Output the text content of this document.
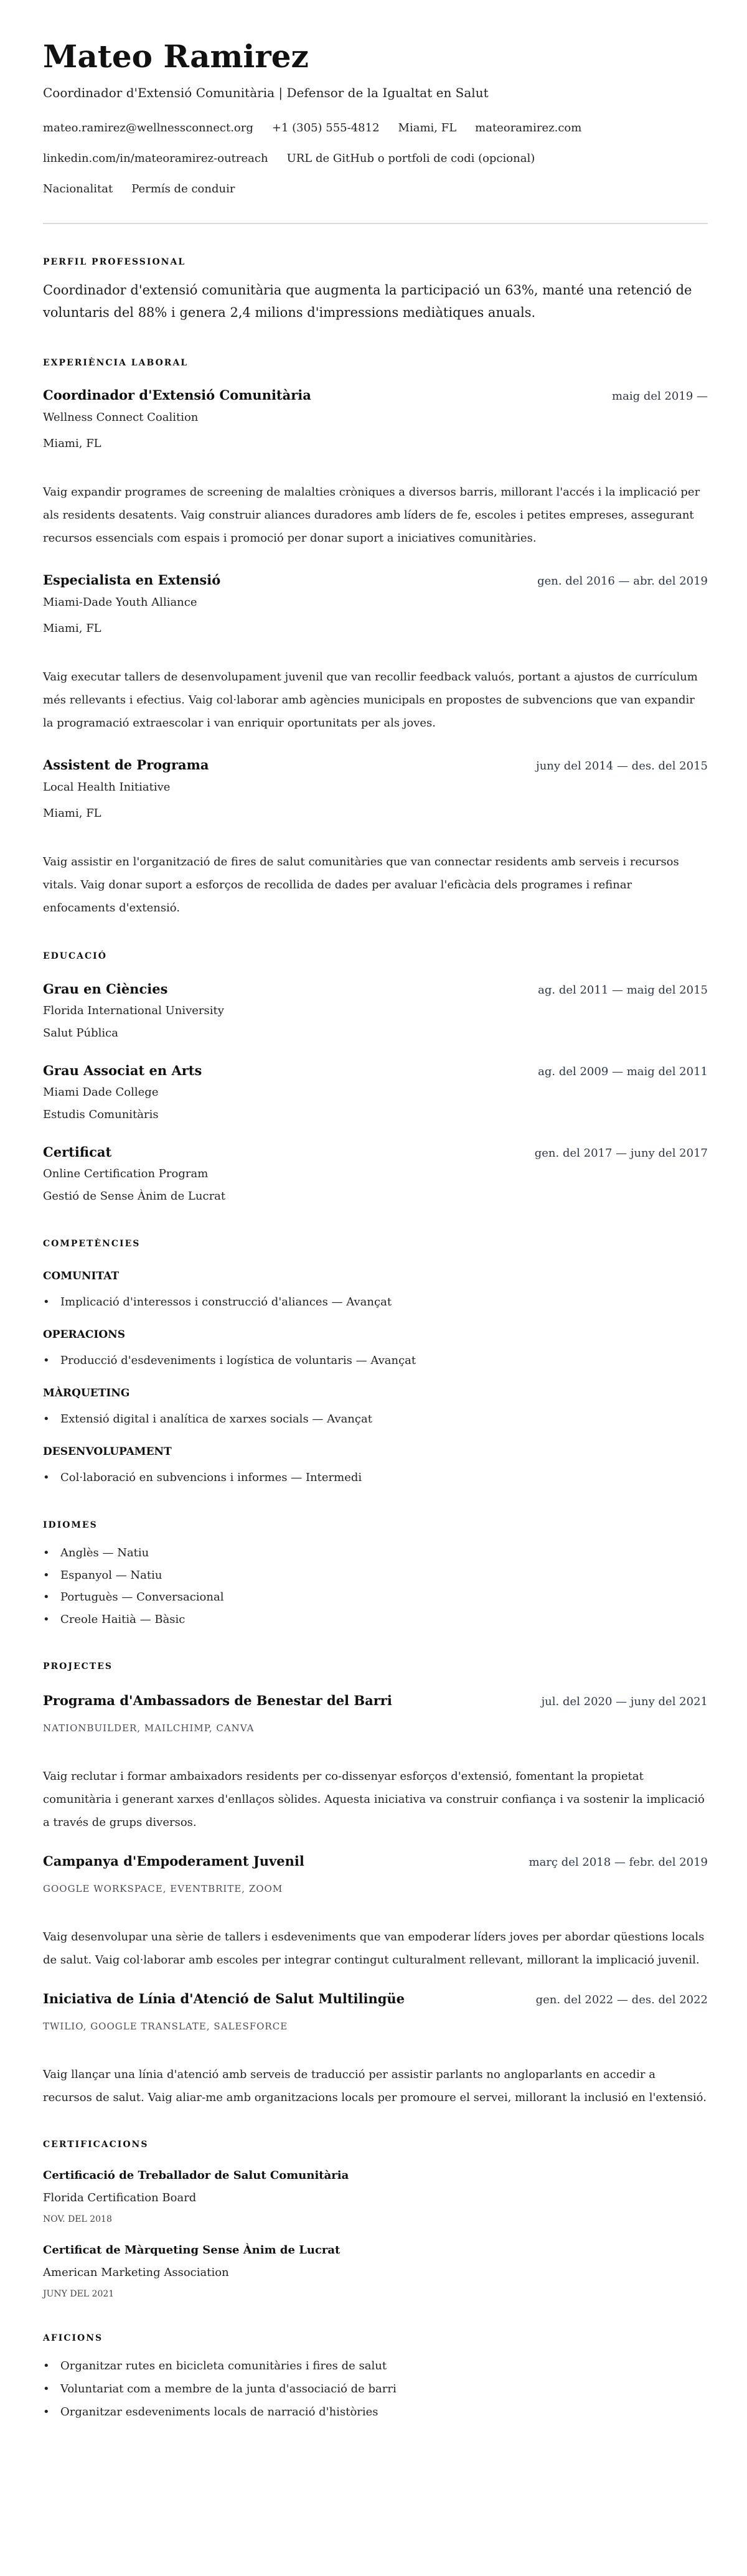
Mateo Ramirez
Coordinador d'Extensió Comunitària | Defensor de la Igualtat en Salut
mateo.ramirez@wellnessconnect.org +1 (305) 555-4812 Miami, FL mateoramirez.com
linkedin.com/in/mateoramirez-outreach URL de GitHub o portfoli de codi (opcional)
Nacionalitat Permís de conduir
PERFIL PROFESSIONAL
Coordinador d'extensió comunitària que augmenta la participació un 63%, manté una retenció de voluntaris del 88% i genera 2,4 milions d'impressions mediàtiques anuals.
EXPERIÈNCIA LABORAL
Coordinador d'Extensió Comunitària	maig del 2019 —
Wellness Connect Coalition
Miami, FL
Vaig expandir programes de screening de malalties cròniques a diversos barris, millorant l'accés i la implicació per als residents desatents. Vaig construir aliances duradores amb líders de fe, escoles i petites empreses, assegurant recursos essencials com espais i promoció per donar suport a iniciatives comunitàries.
Especialista en Extensió	gen. del 2016 — abr. del 2019
Miami-Dade Youth Alliance
Miami, FL
Vaig executar tallers de desenvolupament juvenil que van recollir feedback valuós, portant a ajustos de currículum més rellevants i efectius. Vaig col·laborar amb agències municipals en propostes de subvencions que van expandir la programació extraescolar i van enriquir oportunitats per als joves.
Assistent de Programa	juny del 2014 — des. del 2015
Local Health Initiative
Miami, FL
Vaig assistir en l'organització de fires de salut comunitàries que van connectar residents amb serveis i recursos vitals. Vaig donar suport a esforços de recollida de dades per avaluar l'eficàcia dels programes i refinar enfocaments d'extensió.
EDUCACIÓ
Grau en Ciències	ag. del 2011 — maig del 2015
Florida International University
Salut Pública
Grau Associat en Arts	ag. del 2009 — maig del 2011
Miami Dade College
Estudis Comunitàris
Certificat	gen. del 2017 — juny del 2017
Online Certification Program
Gestió de Sense Ànim de Lucrat
COMPETÈNCIES
COMUNITAT
• Implicació d'interessos i construcció d'aliances — Avançat
OPERACIONS
• Producció d'esdeveniments i logística de voluntaris — Avançat
MÀRQUETING
• Extensió digital i analítica de xarxes socials — Avançat
DESENVOLUPAMENT
• Col·laboració en subvencions i informes — Intermedi
IDIOMES
• Anglès — Natiu
• Espanyol — Natiu
• Portuguès — Conversacional
• Creole Haitià — Bàsic
PROJECTES
Programa d'Ambassadors de Benestar del Barri	jul. del 2020 — juny del 2021
NATIONBUILDER, MAILCHIMP, CANVA
Vaig reclutar i formar ambaixadors residents per co-dissenyar esforços d'extensió, fomentant la propietat comunitària i generant xarxes d'enllaços sòlides. Aquesta iniciativa va construir confiança i va sostenir la implicació a través de grups diversos.
Campanya d'Empoderament Juvenil	març del 2018 — febr. del 2019
GOOGLE WORKSPACE, EVENTBRITE, ZOOM
Vaig desenvolupar una sèrie de tallers i esdeveniments que van empoderar líders joves per abordar qüestions locals de salut. Vaig col·laborar amb escoles per integrar contingut culturalment rellevant, millorant la implicació juvenil.
Iniciativa de Línia d'Atenció de Salut Multilingüe	gen. del 2022 — des. del 2022
TWILIO, GOOGLE TRANSLATE, SALESFORCE
Vaig llançar una línia d'atenció amb serveis de traducció per assistir parlants no angloparlants en accedir a recursos de salut. Vaig aliar-me amb organitzacions locals per promoure el servei, millorant la inclusió en l'extensió.
CERTIFICACIONS
Certificació de Treballador de Salut Comunitària
Florida Certification Board
NOV. DEL 2018
Certificat de Màrqueting Sense Ànim de Lucrat
American Marketing Association
JUNY DEL 2021
AFICIONS
• Organitzar rutes en bicicleta comunitàries i fires de salut
• Voluntariat com a membre de la junta d'associació de barri
• Organitzar esdeveniments locals de narració d'històries
